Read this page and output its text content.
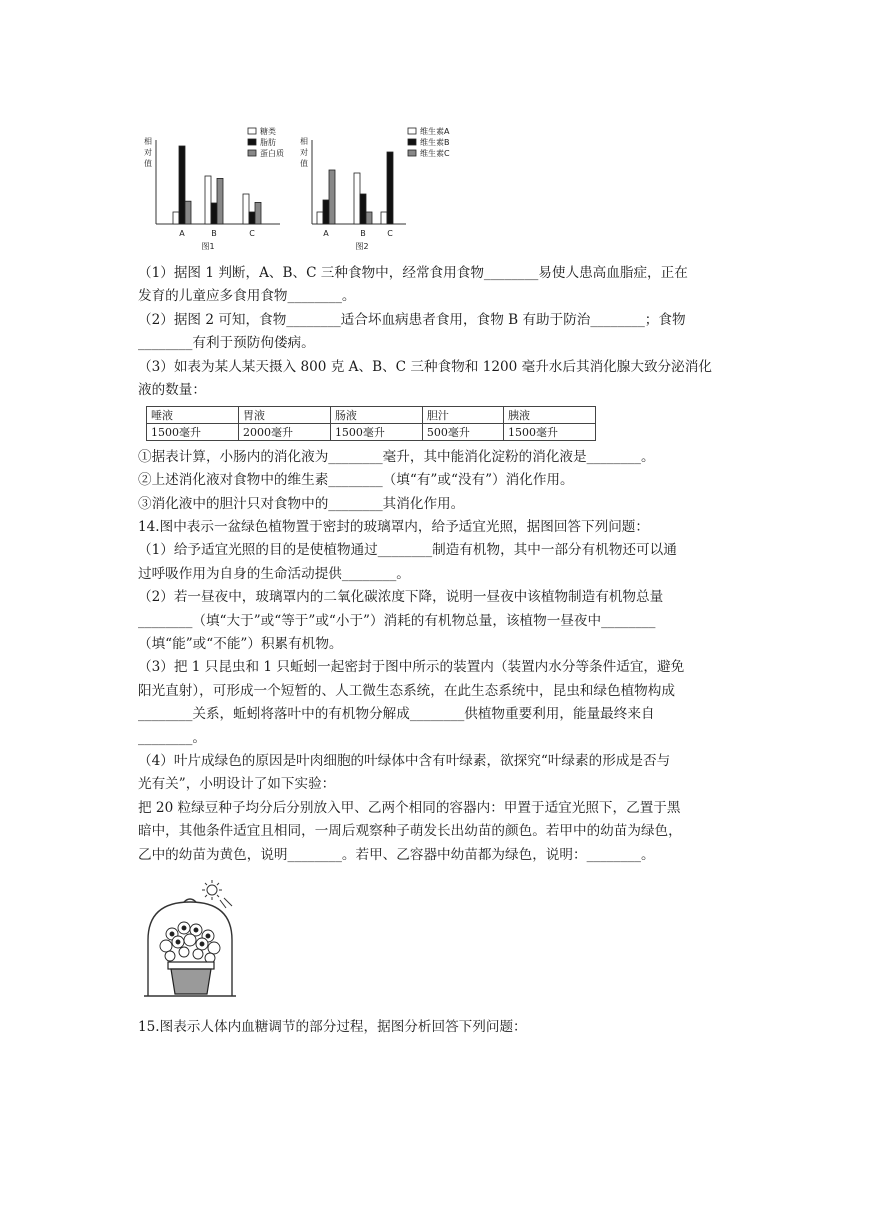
相
对
值
A	B	C
图1
糖类
脂肪
蛋白质
相
对
值
A	B	C
图2
维生素A
维生素B
维生素C

（1）据图 1 判断，A、B、C 三种食物中，经常食用食物________易使人患高血脂症，正在

发育的儿童应多食用食物________。

（2）据图 2 可知，食物________适合坏血病患者食用，食物 B 有助于防治________；食物

________有利于预防佝偻病。

（3）如表为某人某天摄入 800 克 A、B、C 三种食物和 1200 毫升水后其消化腺大致分泌消化

液的数量：

唾液	胃液	肠液	胆汁	胰液
1500毫升	2000毫升	1500毫升	500毫升	1500毫升

①据表计算，小肠内的消化液为________毫升，其中能消化淀粉的消化液是________。

②上述消化液对食物中的维生素________（填“有”或“没有”）消化作用。

③消化液中的胆汁只对食物中的________其消化作用。

14.图中表示一盆绿色植物置于密封的玻璃罩内，给予适宜光照，据图回答下列问题：

（1）给予适宜光照的目的是使植物通过________制造有机物，其中一部分有机物还可以通

过呼吸作用为自身的生命活动提供________。

（2）若一昼夜中，玻璃罩内的二氧化碳浓度下降，说明一昼夜中该植物制造有机物总量

________（填“大于”或“等于”或“小于”）消耗的有机物总量，该植物一昼夜中________

（填“能”或“不能”）积累有机物。

（3）把 1 只昆虫和 1 只蚯蚓一起密封于图中所示的装置内（装置内水分等条件适宜，避免

阳光直射），可形成一个短暂的、人工微生态系统，在此生态系统中，昆虫和绿色植物构成

________关系，蚯蚓将落叶中的有机物分解成________供植物重要利用，能量最终来自

________。

（4）叶片成绿色的原因是叶肉细胞的叶绿体中含有叶绿素，欲探究“叶绿素的形成是否与

光有关”，小明设计了如下实验：

把 20 粒绿豆种子均分后分别放入甲、乙两个相同的容器内：甲置于适宜光照下，乙置于黑

暗中，其他条件适宜且相同，一周后观察种子萌发长出幼苗的颜色。若甲中的幼苗为绿色，

乙中的幼苗为黄色，说明________。若甲、乙容器中幼苗都为绿色，说明：________。

15.图表示人体内血糖调节的部分过程，据图分析回答下列问题：
